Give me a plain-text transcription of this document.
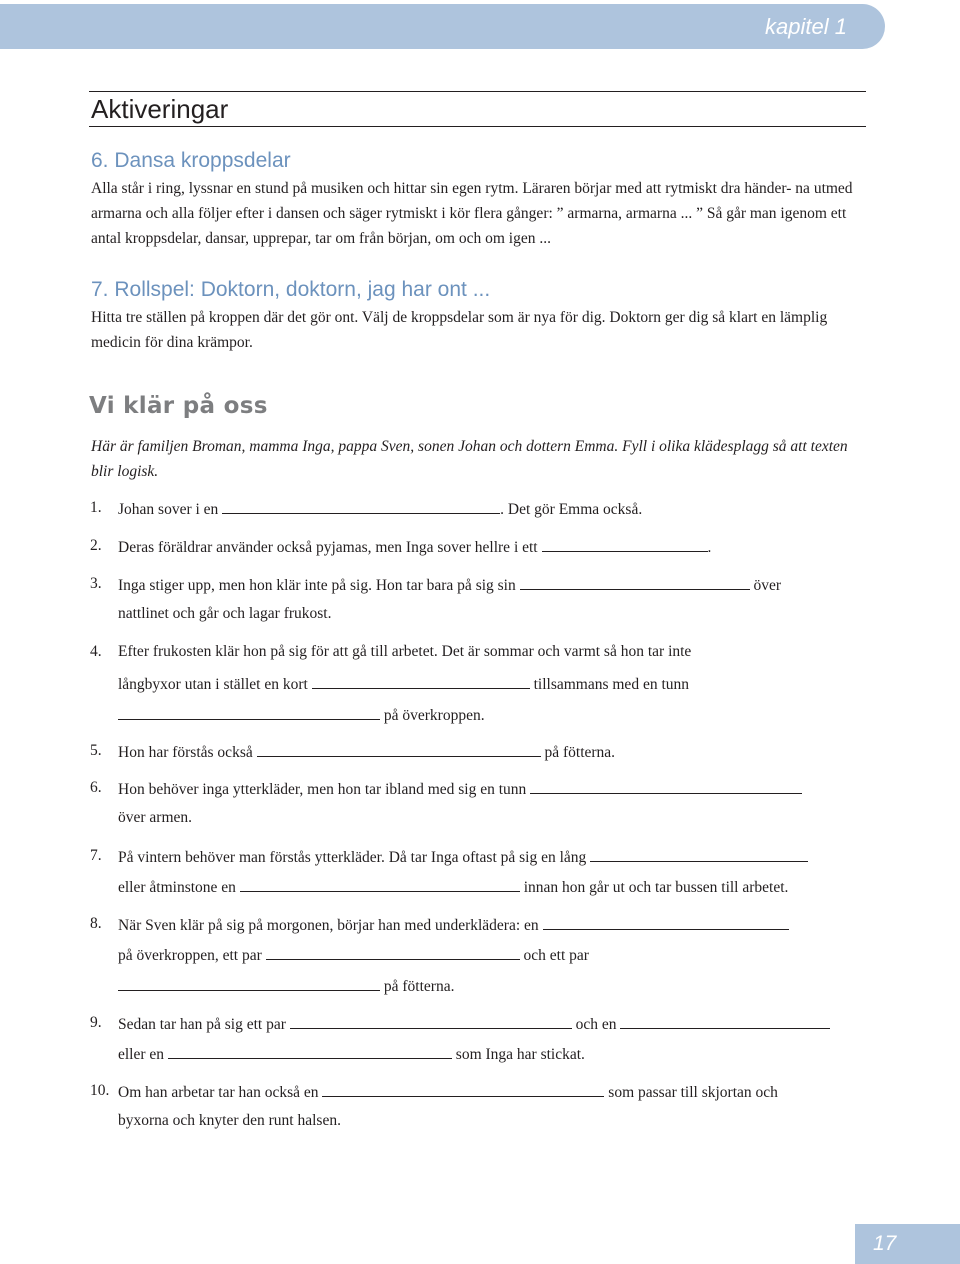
kapitel 1
Aktiveringar
6. Dansa kroppsdelar

Alla står i ring, lyssnar en stund på musiken och hittar sin egen rytm. Läraren börjar med att rytmiskt dra händer- na utmed armarna och alla följer efter i dansen och säger rytmiskt i kör flera gånger: ” armarna, armarna ... ” Så går man igenom ett antal kroppsdelar, dansar, upprepar, tar om från början, om och om igen ...

7. Rollspel: Doktorn, doktorn, jag har ont ...

Hitta tre ställen på kroppen där det gör ont. Välj de kroppsdelar som är nya för dig. Doktorn ger dig så klart en lämplig medicin för dina krämpor.

Vi klär på oss

Här är familjen Broman, mamma Inga, pappa Sven, sonen Johan och dottern Emma. Fyll i olika klädesplagg så att texten blir logisk.

1. Johan sover i en	. Det gör Emma också.
2. Deras föräldrar använder också pyjamas, men Inga sover hellre i ett	.
3. Inga stiger upp, men hon klär inte på sig. Hon tar bara på sig sin	över
nattlinet och går och lagar frukost.
4. Efter frukosten klär hon på sig för att gå till arbetet. Det är sommar och varmt så hon tar inte
långbyxor utan i stället en kort	tillsammans med en tunn
på överkroppen.
5. Hon har förstås också	på fötterna.
6. Hon behöver inga ytterkläder, men hon tar ibland med sig en tunn
över armen.
7. På vintern behöver man förstås ytterkläder. Då tar Inga oftast på sig en lång
eller åtminstone en	innan hon går ut och tar bussen till arbetet.
8. När Sven klär på sig på morgonen, börjar han med underklädera: en
på överkroppen, ett par	och ett par
på fötterna.
9. Sedan tar han på sig ett par	och en
eller en	som Inga har stickat.
10. Om han arbetar tar han också en	som passar till skjortan och
byxorna och knyter den runt halsen.
17
